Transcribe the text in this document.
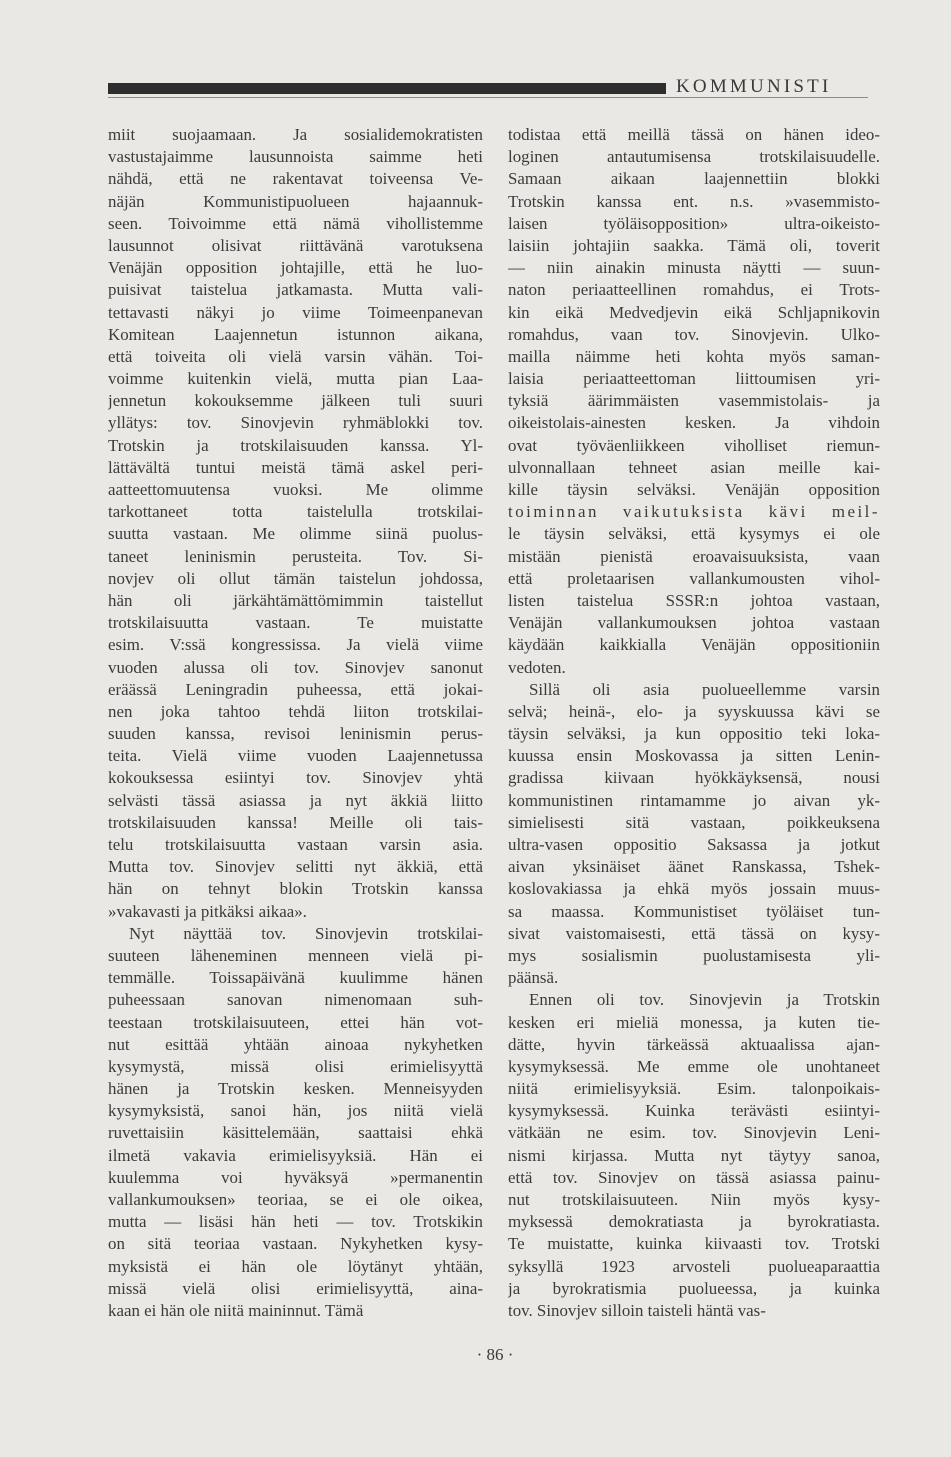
KOMMUNISTI
miit suojaamaan. Ja sosialidemokratisten
vastustajaimme lausunnoista saimme heti
nähdä, että ne rakentavat toiveensa Ve-
näjän Kommunistipuolueen hajaannuk-
seen. Toivoimme että nämä vihollistemme
lausunnot olisivat riittävänä varotuksena
Venäjän opposition johtajille, että he luo-
puisivat taistelua jatkamasta. Mutta vali-
tettavasti näkyi jo viime Toimeenpanevan
Komitean Laajennetun istunnon aikana,
että toiveita oli vielä varsin vähän. Toi-
voimme kuitenkin vielä, mutta pian Laa-
jennetun kokouksemme jälkeen tuli suuri
yllätys: tov. Sinovjevin ryhmäblokki tov.
Trotskin ja trotskilaisuuden kanssa. Yl-
lättävältä tuntui meistä tämä askel peri-
aatteettomuutensa vuoksi. Me olimme
tarkottaneet totta taistelulla trotskilai-
suutta vastaan. Me olimme siinä puolus-
taneet leninismin perusteita. Tov. Si-
novjev oli ollut tämän taistelun johdossa,
hän oli järkähtämättömimmin taistellut
trotskilaisuutta vastaan. Te muistatte
esim. V:ssä kongressissa. Ja vielä viime
vuoden alussa oli tov. Sinovjev sanonut
eräässä Leningradin puheessa, että jokai-
nen joka tahtoo tehdä liiton trotskilai-
suuden kanssa, revisoi leninismin perus-
teita. Vielä viime vuoden Laajennetussa
kokouksessa esiintyi tov. Sinovjev yhtä
selvästi tässä asiassa ja nyt äkkiä liitto
trotskilaisuuden kanssa! Meille oli tais-
telu trotskilaisuutta vastaan varsin asia.
Mutta tov. Sinovjev selitti nyt äkkiä, että
hän on tehnyt blokin Trotskin kanssa
»vakavasti ja pitkäksi aikaa».
Nyt näyttää tov. Sinovjevin trotskilai-
suuteen läheneminen menneen vielä pi-
temmälle. Toissapäivänä kuulimme hänen
puheessaan sanovan nimenomaan suh-
teestaan trotskilaisuuteen, ettei hän vot-
nut esittää yhtään ainoaa nykyhetken
kysymystä, missä olisi erimielisyyttä
hänen ja Trotskin kesken. Menneisyyden
kysymyksistä, sanoi hän, jos niitä vielä
ruvettaisiin käsittelemään, saattaisi ehkä
ilmetä vakavia erimielisyyksiä. Hän ei
kuulemma voi hyväksyä »permanentin
vallankumouksen» teoriaa, se ei ole oikea,
mutta — lisäsi hän heti — tov. Trotskikin
on sitä teoriaa vastaan. Nykyhetken kysy-
myksistä ei hän ole löytänyt yhtään,
missä vielä olisi erimielisyyttä, aina-
kaan ei hän ole niitä maininnut. Tämä
todistaa että meillä tässä on hänen ideo-
loginen antautumisensa trotskilaisuudelle.
Samaan aikaan laajennettiin blokki
Trotskin kanssa ent. n.s. »vasemmisto-
laisen työläisopposition» ultra-oikeisto-
laisiin johtajiin saakka. Tämä oli, toverit
— niin ainakin minusta näytti — suun-
naton periaatteellinen romahdus, ei Trots-
kin eikä Medvedjevin eikä Schljapnikovin
romahdus, vaan tov. Sinovjevin. Ulko-
mailla näimme heti kohta myös saman-
laisia periaatteettoman liittoumisen yri-
tyksiä äärimmäisten vasemmistolais- ja
oikeistolais-ainesten kesken. Ja vihdoin
ovat työväenliikkeen viholliset riemun-
ulvonnallaan tehneet asian meille kai-
kille täysin selväksi. Venäjän opposition
toiminnan vaikutuksista kävi meil-
le täysin selväksi, että kysymys ei ole
mistään pienistä eroavaisuuksista, vaan
että proletaarisen vallankumousten vihol-
listen taistelua SSSR:n johtoa vastaan,
Venäjän vallankumouksen johtoa vastaan
käydään kaikkialla Venäjän oppositioniin
vedoten.
Sillä oli asia puolueellemme varsin
selvä; heinä-, elo- ja syyskuussa kävi se
täysin selväksi, ja kun oppositio teki loka-
kuussa ensin Moskovassa ja sitten Lenin-
gradissa kiivaan hyökkäyksensä, nousi
kommunistinen rintamamme jo aivan yk-
simielisesti sitä vastaan, poikkeuksena
ultra-vasen oppositio Saksassa ja jotkut
aivan yksinäiset äänet Ranskassa, Tshek-
koslovakiassa ja ehkä myös jossain muus-
sa maassa. Kommunistiset työläiset tun-
sivat vaistomaisesti, että tässä on kysy-
mys sosialismin puolustamisesta yli-
päänsä.
Ennen oli tov. Sinovjevin ja Trotskin
kesken eri mieliä monessa, ja kuten tie-
dätte, hyvin tärkeässä aktuaalissa ajan-
kysymyksessä. Me emme ole unohtaneet
niitä erimielisyyksiä. Esim. talonpoikais-
kysymyksessä. Kuinka terävästi esiintyi-
vätkään ne esim. tov. Sinovjevin Leni-
nismi kirjassa. Mutta nyt täytyy sanoa,
että tov. Sinovjev on tässä asiassa painu-
nut trotskilaisuuteen. Niin myös kysy-
myksessä demokratiasta ja byrokratiasta.
Te muistatte, kuinka kiivaasti tov. Trotski
syksyllä 1923 arvosteli puolueaparaattia
ja byrokratismia puolueessa, ja kuinka
tov. Sinovjev silloin taisteli häntä vas-
· 86 ·
